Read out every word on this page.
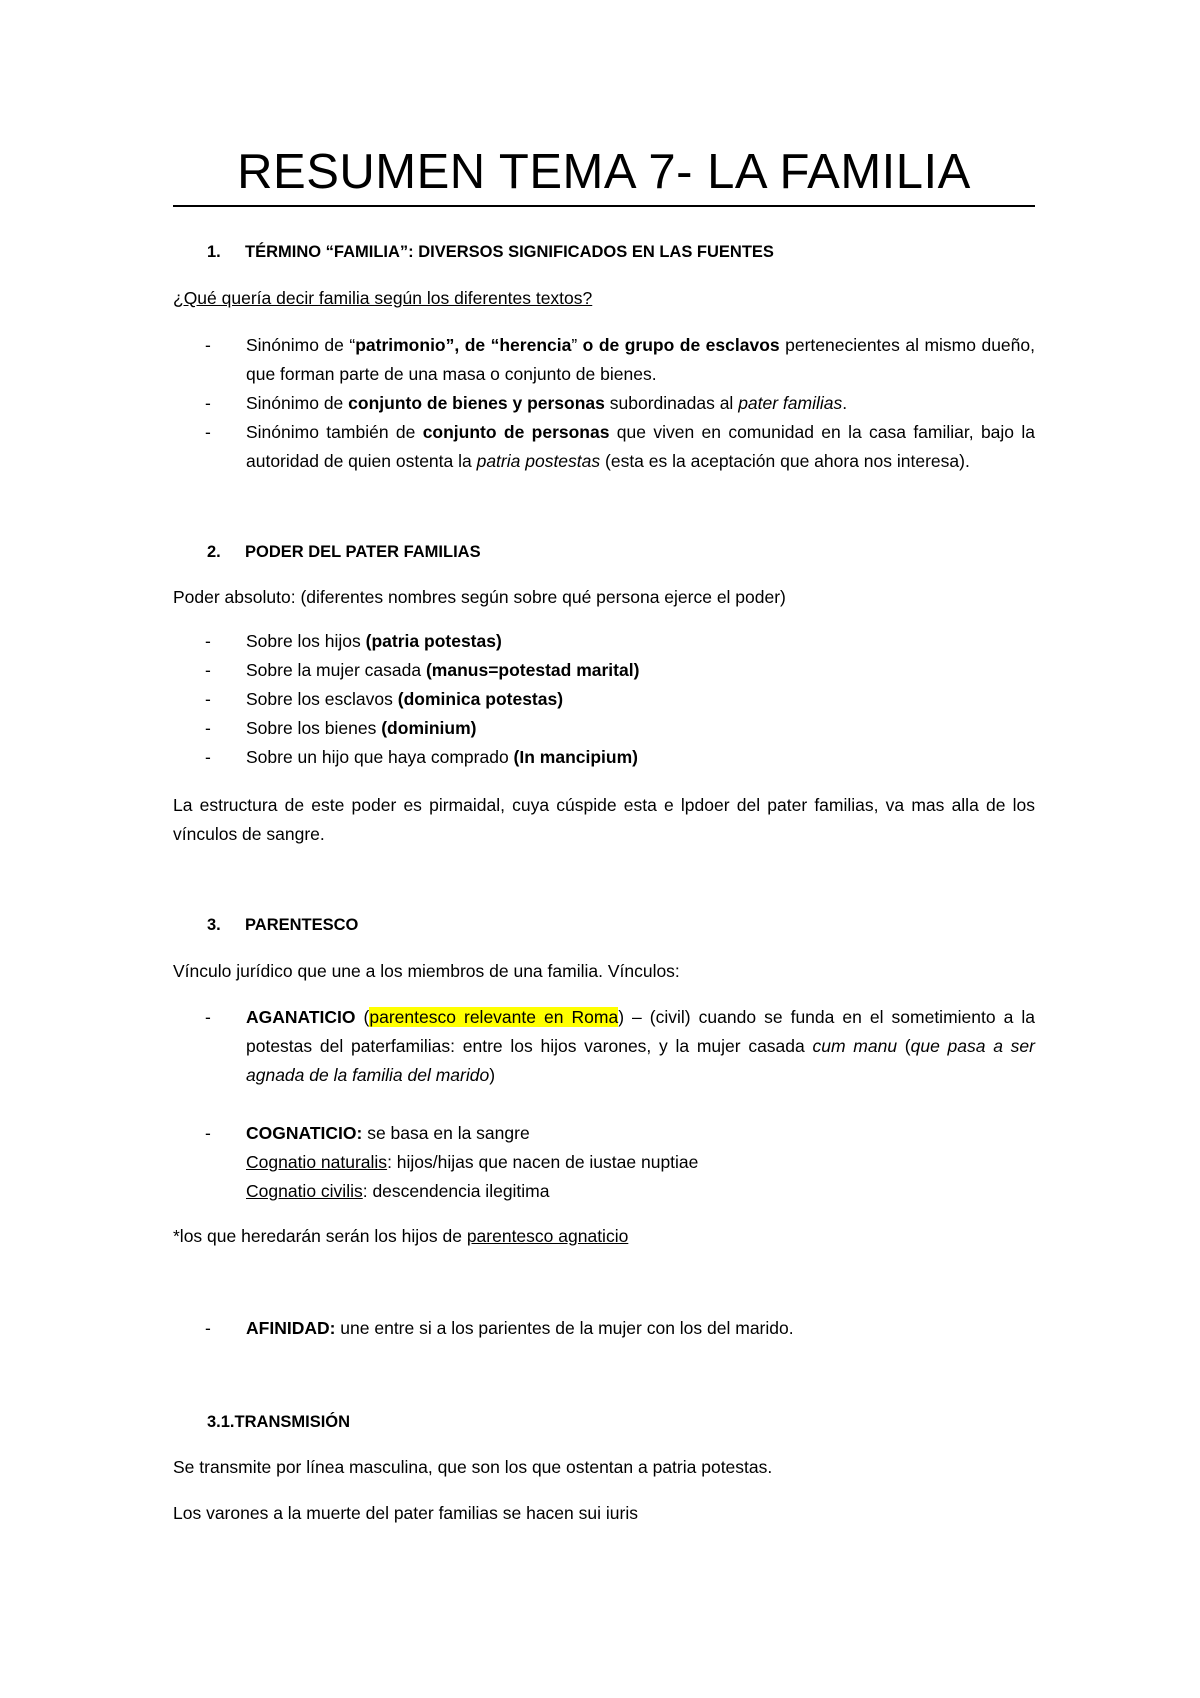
RESUMEN TEMA 7- LA FAMILIA
1. TÉRMINO “FAMILIA”: DIVERSOS SIGNIFICADOS EN LAS FUENTES
¿Qué quería decir familia según los diferentes textos?
- Sinónimo de “patrimonio”, de “herencia” o de grupo de esclavos pertenecientes al mismo dueño, que forman parte de una masa o conjunto de bienes.
- Sinónimo de conjunto de bienes y personas subordinadas al pater familias.
- Sinónimo también de conjunto de personas que viven en comunidad en la casa familiar, bajo la autoridad de quien ostenta la patria postestas (esta es la aceptación que ahora nos interesa).
2. PODER DEL PATER FAMILIAS
Poder absoluto: (diferentes nombres según sobre qué persona ejerce el poder)
- Sobre los hijos (patria potestas)
- Sobre la mujer casada (manus=potestad marital)
- Sobre los esclavos (dominica potestas)
- Sobre los bienes (dominium)
- Sobre un hijo que haya comprado (In mancipium)
La estructura de este poder es pirmaidal, cuya cúspide esta e lpdoer del pater familias, va mas alla de los vínculos de sangre.
3. PARENTESCO
Vínculo jurídico que une a los miembros de una familia. Vínculos:
- AGANATICIO (parentesco relevante en Roma) – (civil) cuando se funda en el sometimiento a la potestas del paterfamilias: entre los hijos varones, y la mujer casada cum manu (que pasa a ser agnada de la familia del marido)
- COGNATICIO: se basa en la sangre
Cognatio naturalis: hijos/hijas que nacen de iustae nuptiae
Cognatio civilis: descendencia ilegitima
*los que heredarán serán los hijos de parentesco agnaticio
- AFINIDAD: une entre si a los parientes de la mujer con los del marido.
3.1.TRANSMISIÓN
Se transmite por línea masculina, que son los que ostentan a patria potestas.
Los varones a la muerte del pater familias se hacen sui iuris
